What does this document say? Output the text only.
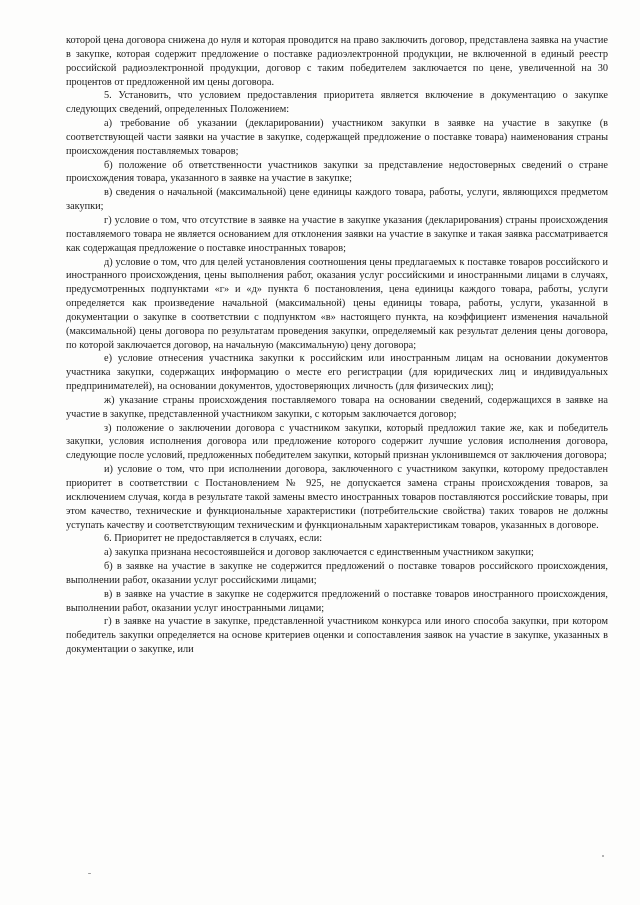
которой цена договора снижена до нуля и которая проводится на право заключить договор, представлена заявка на участие в закупке, которая содержит предложение о поставке радиоэлектронной продукции, не включенной в единый реестр российской радиоэлектронной продукции, договор с таким победителем заключается по цене, увеличенной на 30 процентов от предложенной им цены договора.

5. Установить, что условием предоставления приоритета является включение в документацию о закупке следующих сведений, определенных Положением:

а) требование об указании (декларировании) участником закупки в заявке на участие в закупке (в соответствующей части заявки на участие в закупке, содержащей предложение о поставке товара) наименования страны происхождения поставляемых товаров;

б) положение об ответственности участников закупки за представление недостоверных сведений о стране происхождения товара, указанного в заявке на участие в закупке;

в) сведения о начальной (максимальной) цене единицы каждого товара, работы, услуги, являющихся предметом закупки;

г) условие о том, что отсутствие в заявке на участие в закупке указания (декларирования) страны происхождения поставляемого товара не является основанием для отклонения заявки на участие в закупке и такая заявка рассматривается как содержащая предложение о поставке иностранных товаров;

д) условие о том, что для целей установления соотношения цены предлагаемых к поставке товаров российского и иностранного происхождения, цены выполнения работ, оказания услуг российскими и иностранными лицами в случаях, предусмотренных подпунктами «г» и «д» пункта 6 постановления, цена единицы каждого товара, работы, услуги определяется как произведение начальной (максимальной) цены единицы товара, работы, услуги, указанной в документации о закупке в соответствии с подпунктом «в» настоящего пункта, на коэффициент изменения начальной (максимальной) цены договора по результатам проведения закупки, определяемый как результат деления цены договора, по которой заключается договор, на начальную (максимальную) цену договора;

е) условие отнесения участника закупки к российским или иностранным лицам на основании документов участника закупки, содержащих информацию о месте его регистрации (для юридических лиц и индивидуальных предпринимателей), на основании документов, удостоверяющих личность (для физических лиц);

ж) указание страны происхождения поставляемого товара на основании сведений, содержащихся в заявке на участие в закупке, представленной участником закупки, с которым заключается договор;

з) положение о заключении договора с участником закупки, который предложил такие же, как и победитель закупки, условия исполнения договора или предложение которого содержит лучшие условия исполнения договора, следующие после условий, предложенных победителем закупки, который признан уклонившемся от заключения договора;

и) условие о том, что при исполнении договора, заключенного с участником закупки, которому предоставлен приоритет в соответствии с Постановлением № 925, не допускается замена страны происхождения товаров, за исключением случая, когда в результате такой замены вместо иностранных товаров поставляются российские товары, при этом качество, технические и функциональные характеристики (потребительские свойства) таких товаров не должны уступать качеству и соответствующим техническим и функциональным характеристикам товаров, указанных в договоре.

6. Приоритет не предоставляется в случаях, если:

а) закупка признана несостоявшейся и договор заключается с единственным участником закупки;

б) в заявке на участие в закупке не содержится предложений о поставке товаров российского происхождения, выполнении работ, оказании услуг российскими лицами;

в) в заявке на участие в закупке не содержится предложений о поставке товаров иностранного происхождения, выполнении работ, оказании услуг иностранными лицами;

г) в заявке на участие в закупке, представленной участником конкурса или иного способа закупки, при котором победитель закупки определяется на основе критериев оценки и сопоставления заявок на участие в закупке, указанных в документации о закупке, или
